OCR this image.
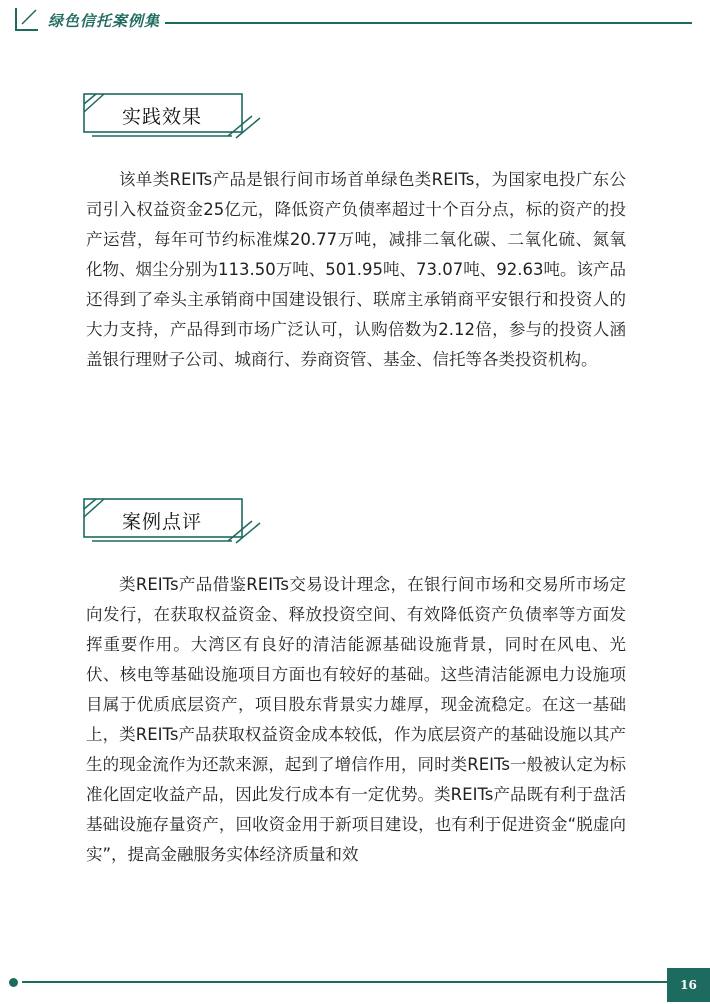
绿色信托案例集
实践效果

该单类REITs产品是银行间市场首单绿色类REITs，为国家电投广东公司引入权益资金25亿元，降低资产负债率超过十个百分点，标的资产的投产运营，每年可节约标准煤20.77万吨，减排二氧化碳、二氧化硫、氮氧化物、烟尘分别为113.50万吨、501.95吨、73.07吨、92.63吨。该产品还得到了牵头主承销商中国建设银行、联席主承销商平安银行和投资人的大力支持，产品得到市场广泛认可，认购倍数为2.12倍，参与的投资人涵盖银行理财子公司、城商行、券商资管、基金、信托等各类投资机构。

案例点评

类REITs产品借鉴REITs交易设计理念，在银行间市场和交易所市场定向发行，在获取权益资金、释放投资空间、有效降低资产负债率等方面发挥重要作用。大湾区有良好的清洁能源基础设施背景，同时在风电、光伏、核电等基础设施项目方面也有较好的基础。这些清洁能源电力设施项目属于优质底层资产，项目股东背景实力雄厚，现金流稳定。在这一基础上，类REITs产品获取权益资金成本较低，作为底层资产的基础设施以其产生的现金流作为还款来源，起到了增信作用，同时类REITs一般被认定为标准化固定收益产品，因此发行成本有一定优势。类REITs产品既有利于盘活基础设施存量资产，回收资金用于新项目建设，也有利于促进资金“脱虚向实”，提高金融服务实体经济质量和效

16
